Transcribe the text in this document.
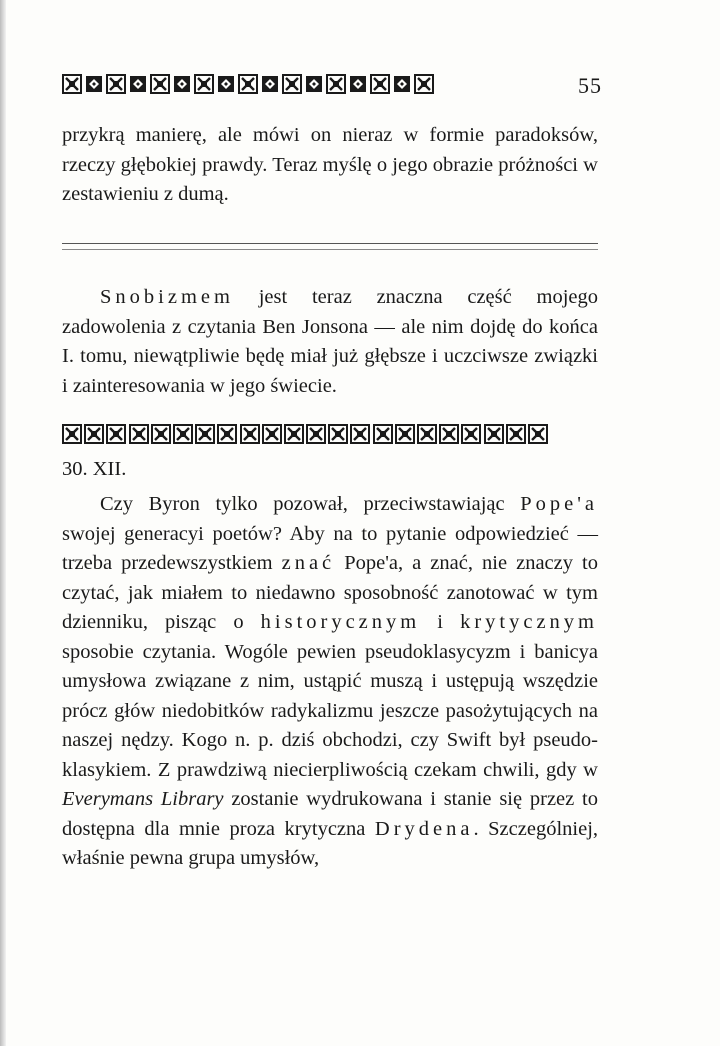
55

przykrą manierę, ale mówi on nieraz w formie paradoksów, rzeczy głębokiej prawdy. Teraz myślę o jego obrazie próżności w zestawieniu z dumą.

Snobizmem jest teraz znaczna część mojego zadowolenia z czytania Ben Jonsona — ale nim dojdę do końca I. tomu, niewątpliwie będę miał już głębsze i uczciwsze związki i zainteresowania w jego świecie.

30. XII.

Czy Byron tylko pozował, przeciwstawiając Pope'a swojej generacyi poetów? Aby na to pytanie odpowiedzieć — trzeba przedewszystkiem znać Pope'a, a znać, nie znaczy to czytać, jak miałem to niedawno sposobność zanotować w tym dzienniku, pisząc o historycznym i krytycznym sposobie czytania. Wogóle pewien pseudoklasycyzm i banicya umysłowa związane z nim, ustąpić muszą i ustępują wszędzie prócz głów niedobitków radykalizmu jeszcze pasożytujących na naszej nędzy. Kogo n. p. dziś obchodzi, czy Swift był pseudo-klasykiem. Z prawdziwą niecierpliwością czekam chwili, gdy w Everymans Library zostanie wydrukowana i stanie się przez to dostępna dla mnie proza krytyczna Drydena. Szczególniej, właśnie pewna grupa umysłów,
